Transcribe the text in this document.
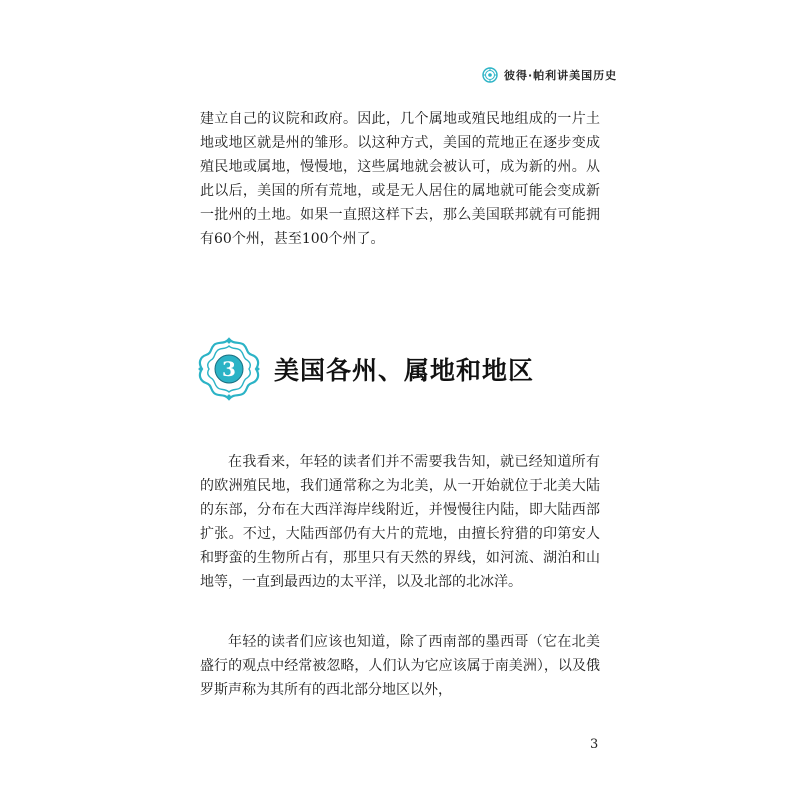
彼得·帕利讲美国历史

建立自己的议院和政府。因此，几个属地或殖民地组成的一片土地或地区就是州的雏形。以这种方式，美国的荒地正在逐步变成殖民地或属地，慢慢地，这些属地就会被认可，成为新的州。从此以后，美国的所有荒地，或是无人居住的属地就可能会变成新一批州的土地。如果一直照这样下去，那么美国联邦就有可能拥有60个州，甚至100个州了。

3	美国各州、属地和地区

在我看来，年轻的读者们并不需要我告知，就已经知道所有的欧洲殖民地，我们通常称之为北美，从一开始就位于北美大陆的东部，分布在大西洋海岸线附近，并慢慢往内陆，即大陆西部扩张。不过，大陆西部仍有大片的荒地，由擅长狩猎的印第安人和野蛮的生物所占有，那里只有天然的界线，如河流、湖泊和山地等，一直到最西边的太平洋，以及北部的北冰洋。

年轻的读者们应该也知道，除了西南部的墨西哥（它在北美盛行的观点中经常被忽略，人们认为它应该属于南美洲），以及俄罗斯声称为其所有的西北部分地区以外，

3
